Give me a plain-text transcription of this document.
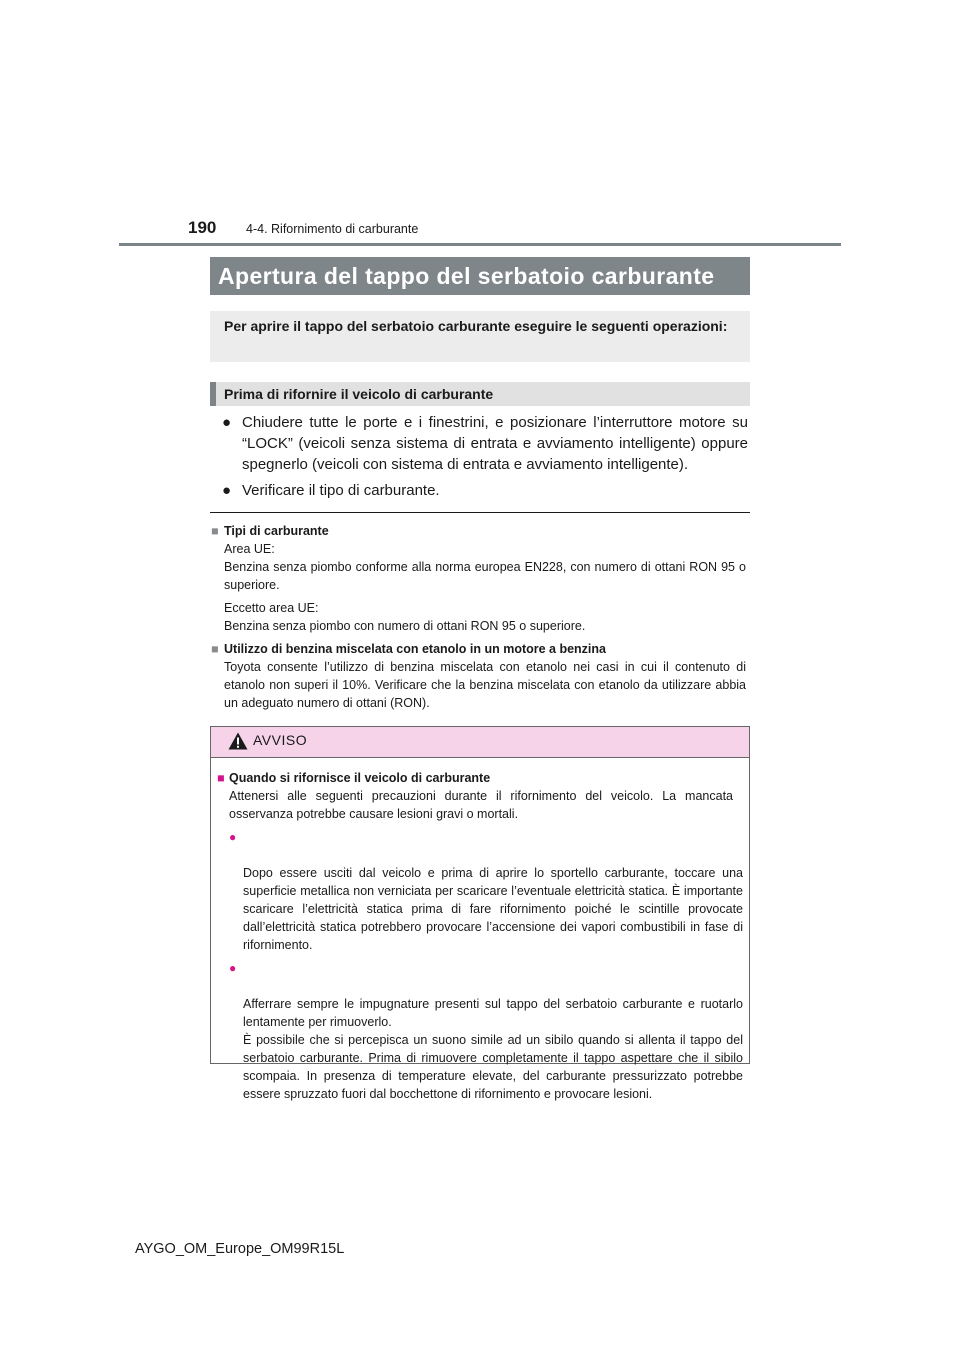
190 4-4. Rifornimento di carburante
Apertura del tappo del serbatoio carburante
Per aprire il tappo del serbatoio carburante eseguire le seguenti operazioni:
Prima di rifornire il veicolo di carburante
● Chiudere tutte le porte e i finestrini, e posizionare l’interruttore motore su “LOCK” (veicoli senza sistema di entrata e avviamento intelligente) oppure spegnerlo (veicoli con sistema di entrata e avviamento intelligente).
● Verificare il tipo di carburante.
■ Tipi di carburante
Area UE:
Benzina senza piombo conforme alla norma europea EN228, con numero di ottani RON 95 o superiore.
Eccetto area UE:
Benzina senza piombo con numero di ottani RON 95 o superiore.
■ Utilizzo di benzina miscelata con etanolo in un motore a benzina
Toyota consente l’utilizzo di benzina miscelata con etanolo nei casi in cui il contenuto di etanolo non superi il 10%. Verificare che la benzina miscelata con etanolo da utilizzare abbia un adeguato numero di ottani (RON).
AVVISO
■ Quando si rifornisce il veicolo di carburante
Attenersi alle seguenti precauzioni durante il rifornimento del veicolo. La mancata osservanza potrebbe causare lesioni gravi o mortali.

●

Dopo essere usciti dal veicolo e prima di aprire lo sportello carburante, toccare una superficie metallica non verniciata per scaricare l’eventuale elettricità statica. È importante scaricare l’elettricità statica prima di fare rifornimento poiché le scintille provocate dall’elettricità statica potrebbero provocare l’accensione dei vapori combustibili in fase di rifornimento.

●

Afferrare sempre le impugnature presenti sul tappo del serbatoio carburante e ruotarlo lentamente per rimuoverlo.
È possibile che si percepisca un suono simile ad un sibilo quando si allenta il tappo del serbatoio carburante. Prima di rimuovere completamente il tappo aspettare che il sibilo scompaia. In presenza di temperature elevate, del carburante pressurizzato potrebbe essere spruzzato fuori dal bocchettone di rifornimento e provocare lesioni.

AYGO_OM_Europe_OM99R15L
